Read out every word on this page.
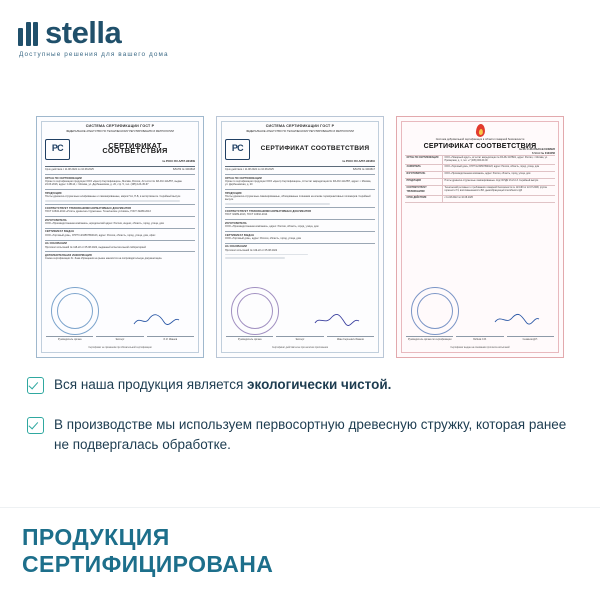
stella
Доступные решения для вашего дома
СИСТЕМА СЕРТИФИКАЦИИ ГОСТ Р
ФЕДЕРАЛЬНОЕ АГЕНТСТВО ПО ТЕХНИЧЕСКОМУ РЕГУЛИРОВАНИЮ И МЕТРОЛОГИИ
РС	СЕРТИФИКАТ СООТВЕТСТВИЯ
№ РОСС RU.АЛ57.Н01809
Срок действия с 11.08.2022 по 10.08.2025	БЛАНК № 3494618
ОРГАН ПО СЕРТИФИКАЦИИ
Орган по сертификации продукции ООО «Центр Сертификации», Москва, Россия, Аттестат № RA.RU.11АЛ57, выдан 24.03.2016, адрес: 115114, г. Москва, ул. Дербеневская, д. 20, стр. 5, тел. (495) 123-45-67
ПРОДУКЦИЯ
Плиты древесно-стружечные шлифованные и ламинированные, марок П-А, П-Б, в ассортименте. Серийный выпуск.
СООТВЕТСТВУЕТ ТРЕБОВАНИЯМ НОРМАТИВНЫХ ДОКУМЕНТОВ
ГОСТ 10632-2014 «Плиты древесно-стружечные. Технические условия», ГОСТ 32289-2013
ИЗГОТОВИТЕЛЬ
ООО «Производственная компания», юридический адрес: Россия, индекс, область, город, улица, дом
СЕРТИФИКАТ ВЫДАН
ООО «Торговый дом», ОГРН 1234567890123, адрес: Россия, область, город, улица, дом, офис
НА ОСНОВАНИИ
Протокол испытаний № 118-22 от 05.08.2022, выданный испытательной лабораторией
ДОПОЛНИТЕЛЬНАЯ ИНФОРМАЦИЯ
Схема сертификации 3с. Знак обращения на рынке наносится на сопроводительную документацию.
Руководитель органа	Эксперт	И.И. Иванов
Сертификат не применим при обязательной сертификации
СИСТЕМА СЕРТИФИКАЦИИ ГОСТ Р
ФЕДЕРАЛЬНОЕ АГЕНТСТВО ПО ТЕХНИЧЕСКОМУ РЕГУЛИРОВАНИЮ И МЕТРОЛОГИИ
РС	СЕРТИФИКАТ СООТВЕТСТВИЯ
№ РОСС RU.АЛ57.Н01810
Срок действия с 11.08.2022 по 10.08.2025	БЛАНК № 3494617
ОРГАН ПО СЕРТИФИКАЦИИ
Орган по сертификации продукции ООО «Центр Сертификации», Аттестат аккредитации № RA.RU.11АЛ57, адрес: г. Москва, ул. Дербеневская, д. 20
ПРОДУКЦИЯ
Плиты древесно-стружечные ламинированные, облицованные плёнками на основе термореактивных полимеров. Серийный выпуск.
СООТВЕТСТВУЕТ ТРЕБОВАНИЯМ НОРМАТИВНЫХ ДОКУМЕНТОВ
ГОСТ 32289-2013, ГОСТ 10632-2014
ИЗГОТОВИТЕЛЬ
ООО «Производственная компания», адрес: Россия, область, город, улица, дом
СЕРТИФИКАТ ВЫДАН
ООО «Торговый дом», адрес: Россия, область, город, улица, дом
НА ОСНОВАНИИ
Протокол испытаний № 119-22 от 05.08.2022
Руководитель органа	Эксперт	Иван Сергеевич Иванов
Сертификат действителен при наличии приложения
Система добровольной сертификации в области пожарной безопасности
СЕРТИФИКАТ СООТВЕТСТВИЯ
№ RU C-RU.ПБ01.В.01396/22
БЛАНК № 0123456
ОРГАН ПО СЕРТИФИКАЦИИ	ООО «Пожарный аудит», аттестат аккредитации № RA.RU.11ПБ01, адрес: Россия, г. Москва, ул. Примерная, д. 1, тел. +7 (495) 000-00-00
ЗАЯВИТЕЛЬ	ООО «Торговый дом», ОГРН 1234567890123, адрес: Россия, область, город, улица, дом
ИЗГОТОВИТЕЛЬ	ООО «Производственная компания», адрес: Россия, область, город, улица, дом
ПРОДУКЦИЯ	Плиты древесно-стружечные ламинированные. Код ОКПД2 16.21.13. Серийный выпуск.
СООТВЕТСТВУЕТ ТРЕБОВАНИЯМ
Технический регламент о требованиях пожарной безопасности № 123-ФЗ от 22.07.2008, группа горючести Г4, воспламеняемости В3, дымообразующей способности Д3
СРОК ДЕЙСТВИЯ	с 11.08.2022 по 10.08.2025
Руководитель органа по сертификации	Бобков С.В.	Семёнов Д.Н.
Сертификат выдан на основании протокола испытаний
Вся наша продукция является экологически чистой.
В производстве мы используем первосортную древесную стружку, которая ранее не подвергалась обработке.
ПРОДУКЦИЯ
СЕРТИФИЦИРОВАНА
